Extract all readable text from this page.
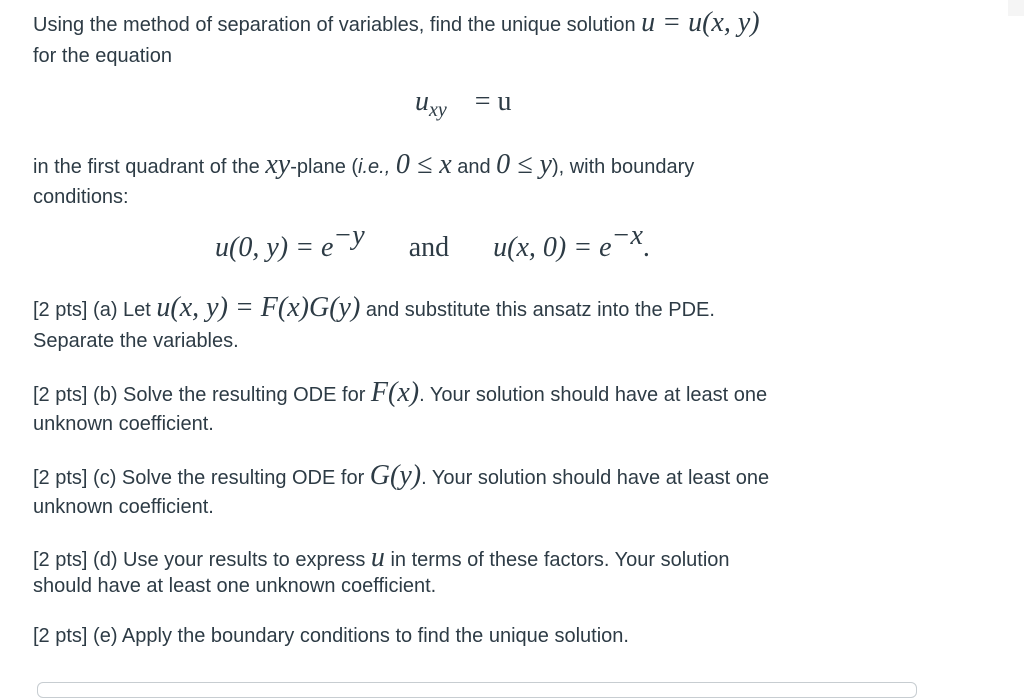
Using the method of separation of variables, find the unique solution u = u(x, y)

for the equation

$u_{xy} = u$

in the first quadrant of the xy-plane (i.e., 0 ≤ x and 0 ≤ y), with boundary

conditions:

u(0, $y) = e^{-y}$ and u(x, $0) = e^{-x}$.

[2 pts] (a) Let u(x, y) = F(x)G(y) and substitute this ansatz into the PDE.

Separate the variables.

[2 pts] (b) Solve the resulting ODE for F(x). Your solution should have at least one

unknown coefficient.

[2 pts] (c) Solve the resulting ODE for G(y). Your solution should have at least one

unknown coefficient.

[2 pts] (d) Use your results to express u in terms of these factors. Your solution

should have at least one unknown coefficient.

[2 pts] (e) Apply the boundary conditions to find the unique solution.
